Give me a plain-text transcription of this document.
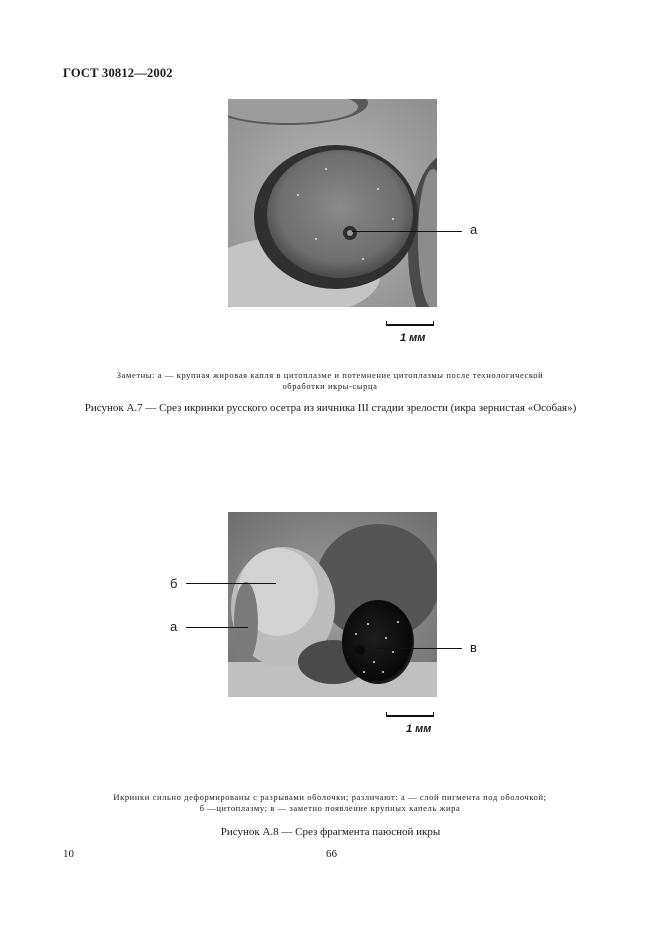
ГОСТ 30812—2002
а
1 мм
Заметны: а — крупная жировая капля в цитоплазме и потемнение цитоплазмы после технологической
обработки икры-сырца
Рисунок А.7 — Срез икринки русского осетра из яичника III стадии зрелости (икра зернистая «Особая»)
б
а
в
1 мм
Икринки сильно деформированы с разрывами оболочки; различают: а — слой пигмента под оболочкой;
б —цитоплазму; в — заметно появление крупных капель жира
Рисунок А.8 — Срез фрагмента паюсной икры
10	66
